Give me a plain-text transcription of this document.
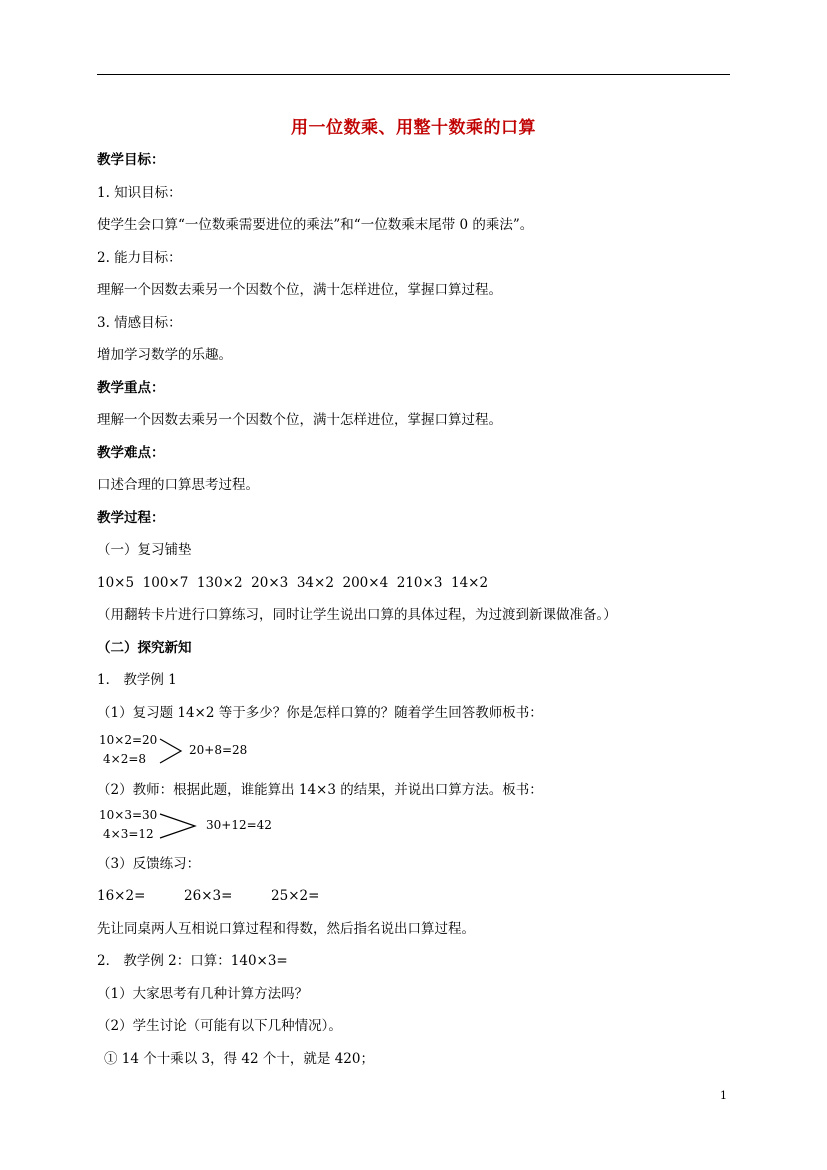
用一位数乘、用整十数乘的口算
教学目标：
1. 知识目标：
使学生会口算“一位数乘需要进位的乘法”和“一位数乘末尾带 0 的乘法”。
2. 能力目标：
理解一个因数去乘另一个因数个位，满十怎样进位，掌握口算过程。
3. 情感目标：
增加学习数学的乐趣。
教学重点：
理解一个因数去乘另一个因数个位，满十怎样进位，掌握口算过程。
教学难点：
口述合理的口算思考过程。
教学过程：
（一）复习铺垫
10×5  100×7  130×2  20×3  34×2  200×4  210×3  14×2
（用翻转卡片进行口算练习，同时让学生说出口算的具体过程，为过渡到新课做准备。）
（二）探究新知
1． 教学例 1
（1）复习题 14×2 等于多少？你是怎样口算的？随着学生回答教师板书：
10×2=20
4×2=8
20+8=28
（2）教师：根据此题，谁能算出 14×3 的结果，并说出口算方法。板书：
10×3=30
4×3=12
30+12=42
（3）反馈练习：
16×2=         26×3=         25×2=
先让同桌两人互相说口算过程和得数，然后指名说出口算过程。
2． 教学例 2：口算：140×3=
（1）大家思考有几种计算方法吗？
（2）学生讨论（可能有以下几种情况）。
① 14 个十乘以 3，得 42 个十，就是 420；
1
